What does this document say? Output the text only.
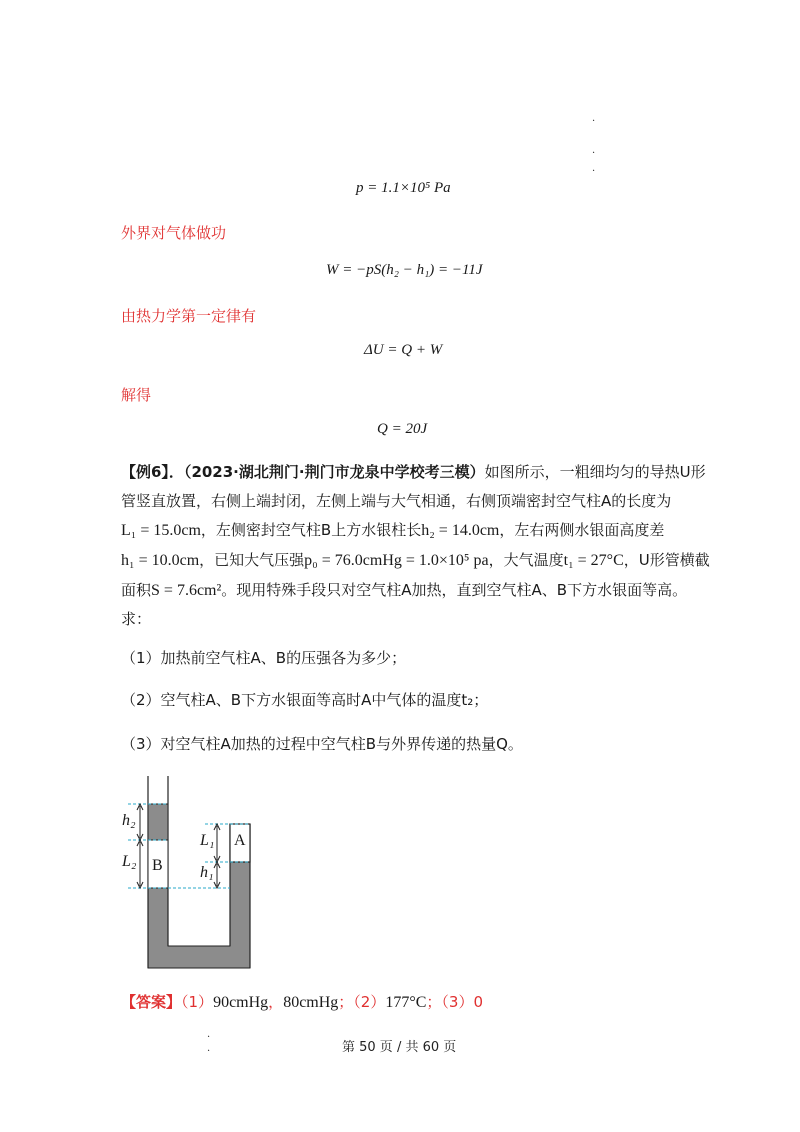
·
·
·
p = 1.1×10⁵ Pa
外界对气体做功
W = −pS(h₂ − h₁) = −11J
由热力学第一定律有
ΔU = Q + W
解得
Q = 20J
【例6】．（2023·湖北荆门·荆门市龙泉中学校考三模）如图所示，一粗细均匀的导热U形
管竖直放置，右侧上端封闭，左侧上端与大气相通，右侧顶端密封空气柱A的长度为
L₁ = 15.0cm，左侧密封空气柱B上方水银柱长h₂ = 14.0cm，左右两侧水银面高度差
h₁ = 10.0cm，已知大气压强p₀ = 76.0cmHg = 1.0×10⁵ pa，大气温度t₁ = 27°C，U形管横截
面积S = 7.6cm²。现用特殊手段只对空气柱A加热，直到空气柱A、B下方水银面等高。
求：
（1）加热前空气柱A、B的压强各为多少；
（2）空气柱A、B下方水银面等高时A中气体的温度t₂；
（3）对空气柱A加热的过程中空气柱B与外界传递的热量Q。
h₂
L₂ B
L₁
h₁
A
【答案】（1）90cmHg，80cmHg；（2）177°C；（3）0
·
·	第 50 页 / 共 60 页
